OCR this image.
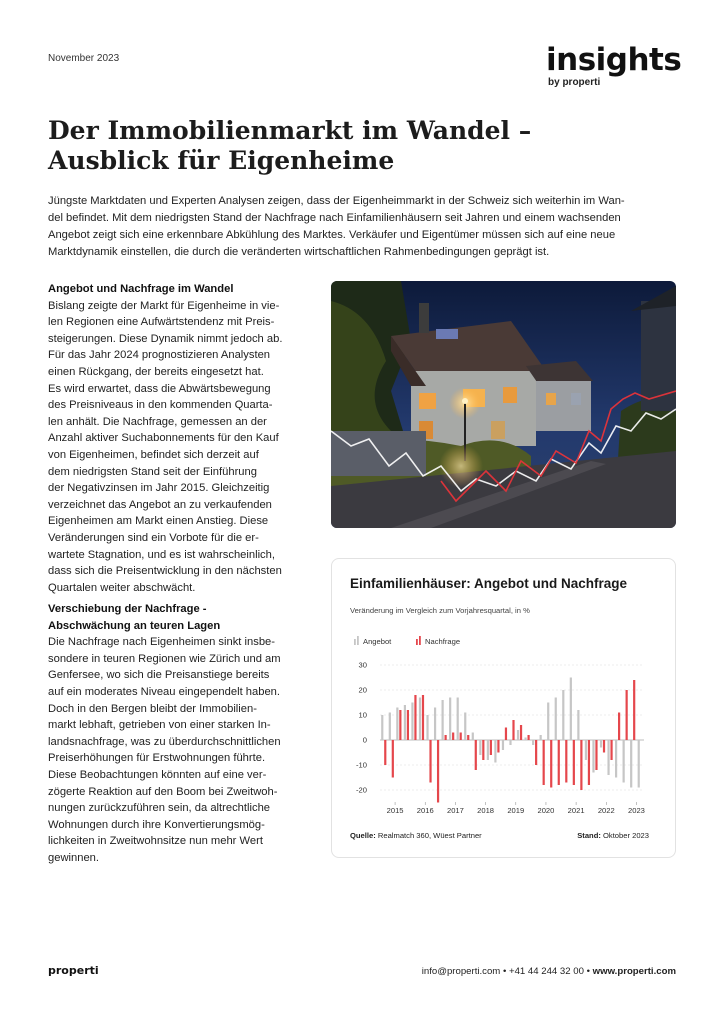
November 2023	insights
by properti
Der Immobilienmarkt im Wandel –
Ausblick für Eigenheime
Jüngste Marktdaten und Experten Analysen zeigen, dass der Eigenheimmarkt in der Schweiz sich weiterhin im Wan-
del befindet. Mit dem niedrigsten Stand der Nachfrage nach Einfamilienhäusern seit Jahren und einem wachsenden
Angebot zeigt sich eine erkennbare Abkühlung des Marktes. Verkäufer und Eigentümer müssen sich auf eine neue
Marktdynamik einstellen, die durch die veränderten wirtschaftlichen Rahmenbedingungen geprägt ist.
Angebot und Nachfrage im Wandel
Bislang zeigte der Markt für Eigenheime in vie-
len Regionen eine Aufwärtstendenz mit Preis-
steigerungen. Diese Dynamik nimmt jedoch ab.
Für das Jahr 2024 prognostizieren Analysten
einen Rückgang, der bereits eingesetzt hat.
Es wird erwartet, dass die Abwärtsbewegung
des Preisniveaus in den kommenden Quarta-
len anhält. Die Nachfrage, gemessen an der
Anzahl aktiver Suchabonnements für den Kauf
von Eigenheimen, befindet sich derzeit auf
dem niedrigsten Stand seit der Einführung
der Negativzinsen im Jahr 2015. Gleichzeitig
verzeichnet das Angebot an zu verkaufenden
Eigenheimen am Markt einen Anstieg. Diese
Veränderungen sind ein Vorbote für die er-
wartete Stagnation, und es ist wahrscheinlich,
dass sich die Preisentwicklung in den nächsten
Quartalen weiter abschwächt.
Verschiebung der Nachfrage -
Abschwächung an teuren Lagen
Die Nachfrage nach Eigenheimen sinkt insbe-
sondere in teuren Regionen wie Zürich und am
Genfersee, wo sich die Preisanstiege bereits
auf ein moderates Niveau eingependelt haben.
Doch in den Bergen bleibt der Immobilien-
markt lebhaft, getrieben von einer starken In-
landsnachfrage, was zu überdurchschnittlichen
Preiserhöhungen für Erstwohnungen führte.
Diese Beobachtungen könnten auf eine ver-
zögerte Reaktion auf den Boom bei Zweitwoh-
nungen zurückzuführen sein, da altrechtliche
Wohnungen durch ihre Konvertierungsmög-
lichkeiten in Zweitwohnsitze nun mehr Wert
gewinnen.
Einfamilienhäuser: Angebot und Nachfrage
Veränderung im Vergleich zum Vorjahresquartal, in %
Angebot	Nachfrage
30
20
10
0
-10
-20
2015 2016 2017 2018 2019 2020 2021 2022 2023
Quelle: Realmatch 360, Wüest Partner	Stand: Oktober 2023
properti	info@properti.com • +41 44 244 32 00 • www.properti.com
